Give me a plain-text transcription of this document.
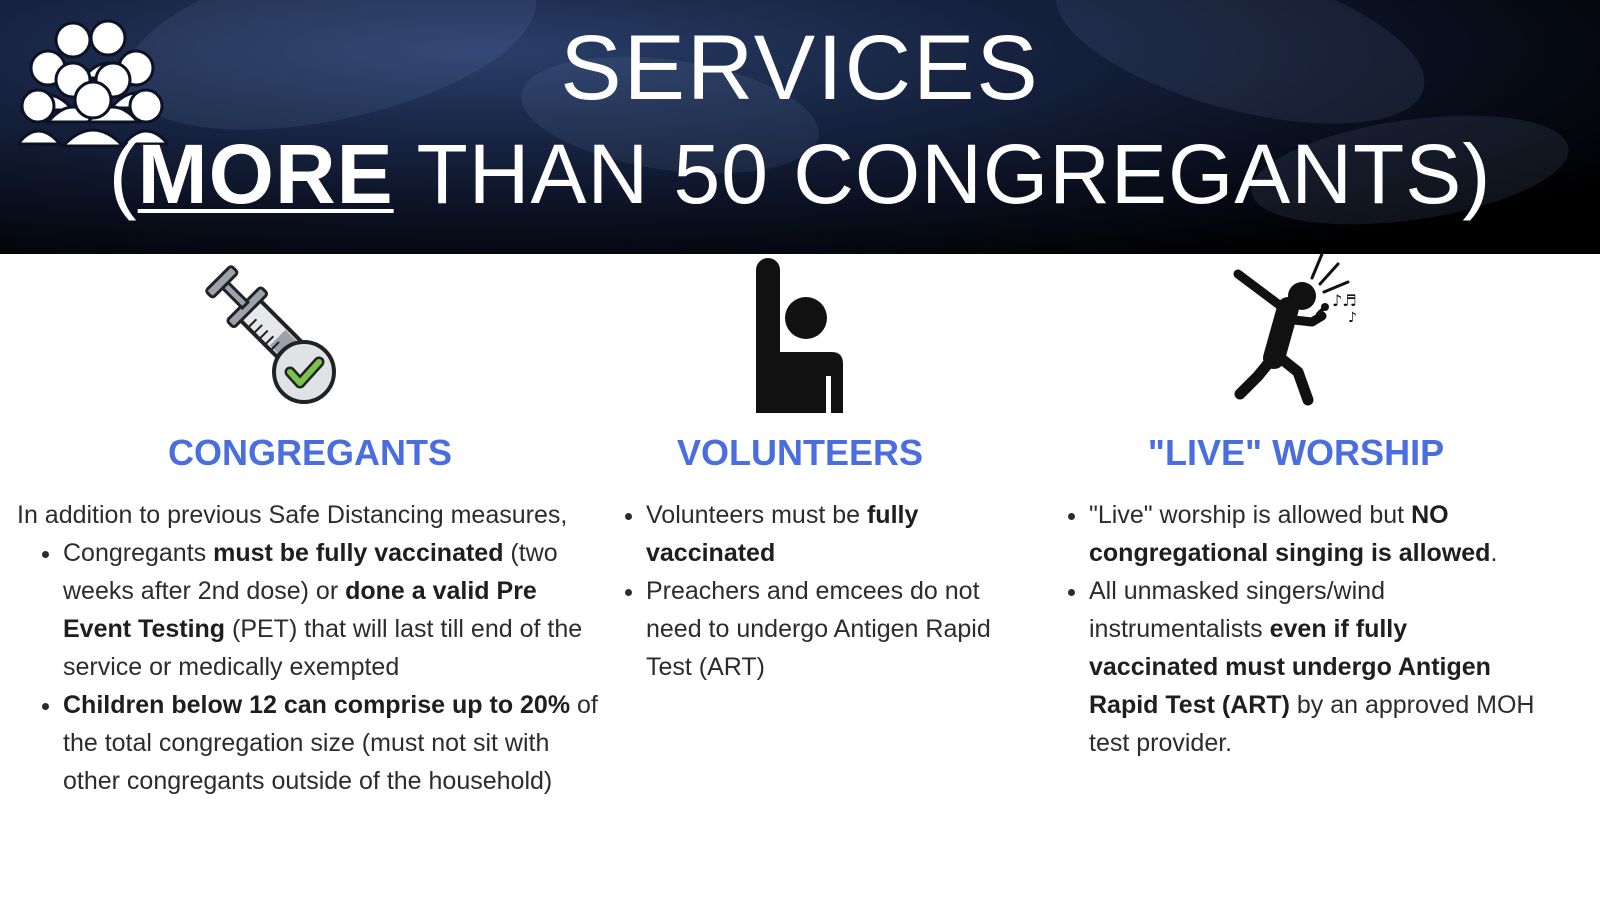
SERVICES
(MORE THAN 50 CONGREGANTS)
♪♬
♪
CONGREGANTS	VOLUNTEERS	"LIVE" WORSHIP

In addition to previous Safe Distancing measures,

• Congregants must be fully vaccinated (two weeks after 2nd dose) or done a valid Pre Event Testing (PET) that will last till end of the service or medically exempted
• Children below 12 can comprise up to 20% of the total congregation size (must not sit with other congregants outside of the household)
• Volunteers must be fully vaccinated
• Preachers and emcees do not need to undergo Antigen Rapid Test (ART)
• "Live" worship is allowed but NO congregational singing is allowed.
• All unmasked singers/wind instrumentalists even if fully vaccinated must undergo Antigen Rapid Test (ART) by an approved MOH test provider.
